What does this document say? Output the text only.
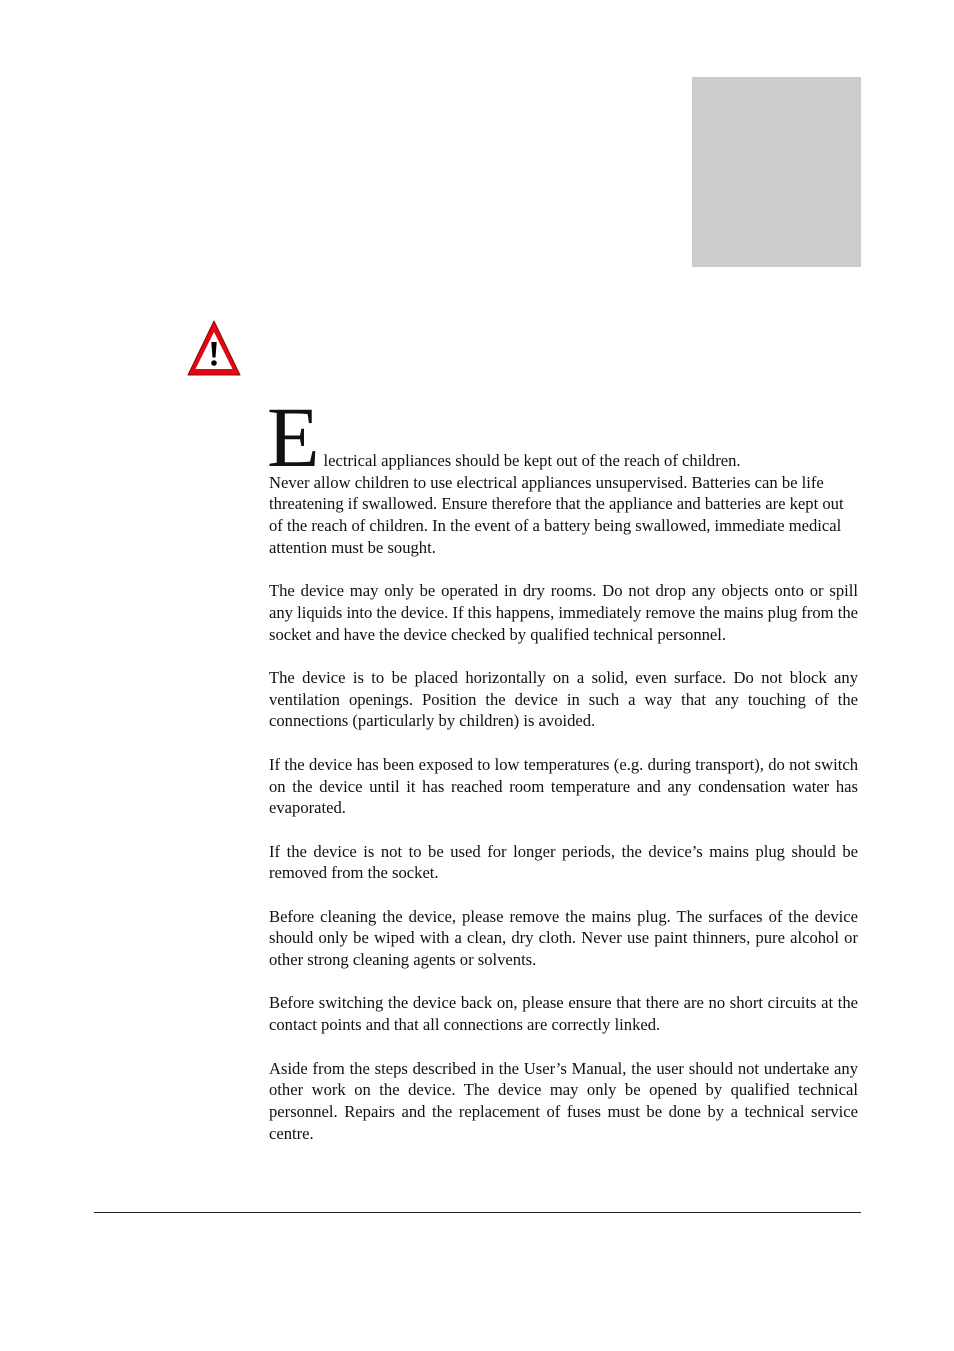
E lectrical appliances should be kept out of the reach of children.
Never allow children to use electrical appliances unsupervised. Batteries can be life threatening if swallowed. Ensure therefore that the appliance and batteries are kept out of the reach of children. In the event of a battery being swallowed, immediate medical attention must be sought.

The device may only be operated in dry rooms. Do not drop any objects onto or spill any liquids into the device. If this happens, immediately remove the mains plug from the socket and have the device checked by qualified technical personnel.

The device is to be placed horizontally on a solid, even surface. Do not block any ventilation openings. Position the device in such a way that any touching of the connections (particularly by children) is avoided.

If the device has been exposed to low temperatures (e.g. during transport), do not switch on the device until it has reached room temperature and any condensation water has evaporated.

If the device is not to be used for longer periods, the device’s mains plug should be removed from the socket.

Before cleaning the device, please remove the mains plug. The surfaces of the device should only be wiped with a clean, dry cloth. Never use paint thinners, pure alcohol or other strong cleaning agents or solvents.

Before switching the device back on, please ensure that there are no short circuits at the contact points and that all connections are correctly linked.

Aside from the steps described in the User’s Manual, the user should not undertake any other work on the device. The device may only be opened by qualified technical personnel. Repairs and the replacement of fuses must be done by a technical service centre.
